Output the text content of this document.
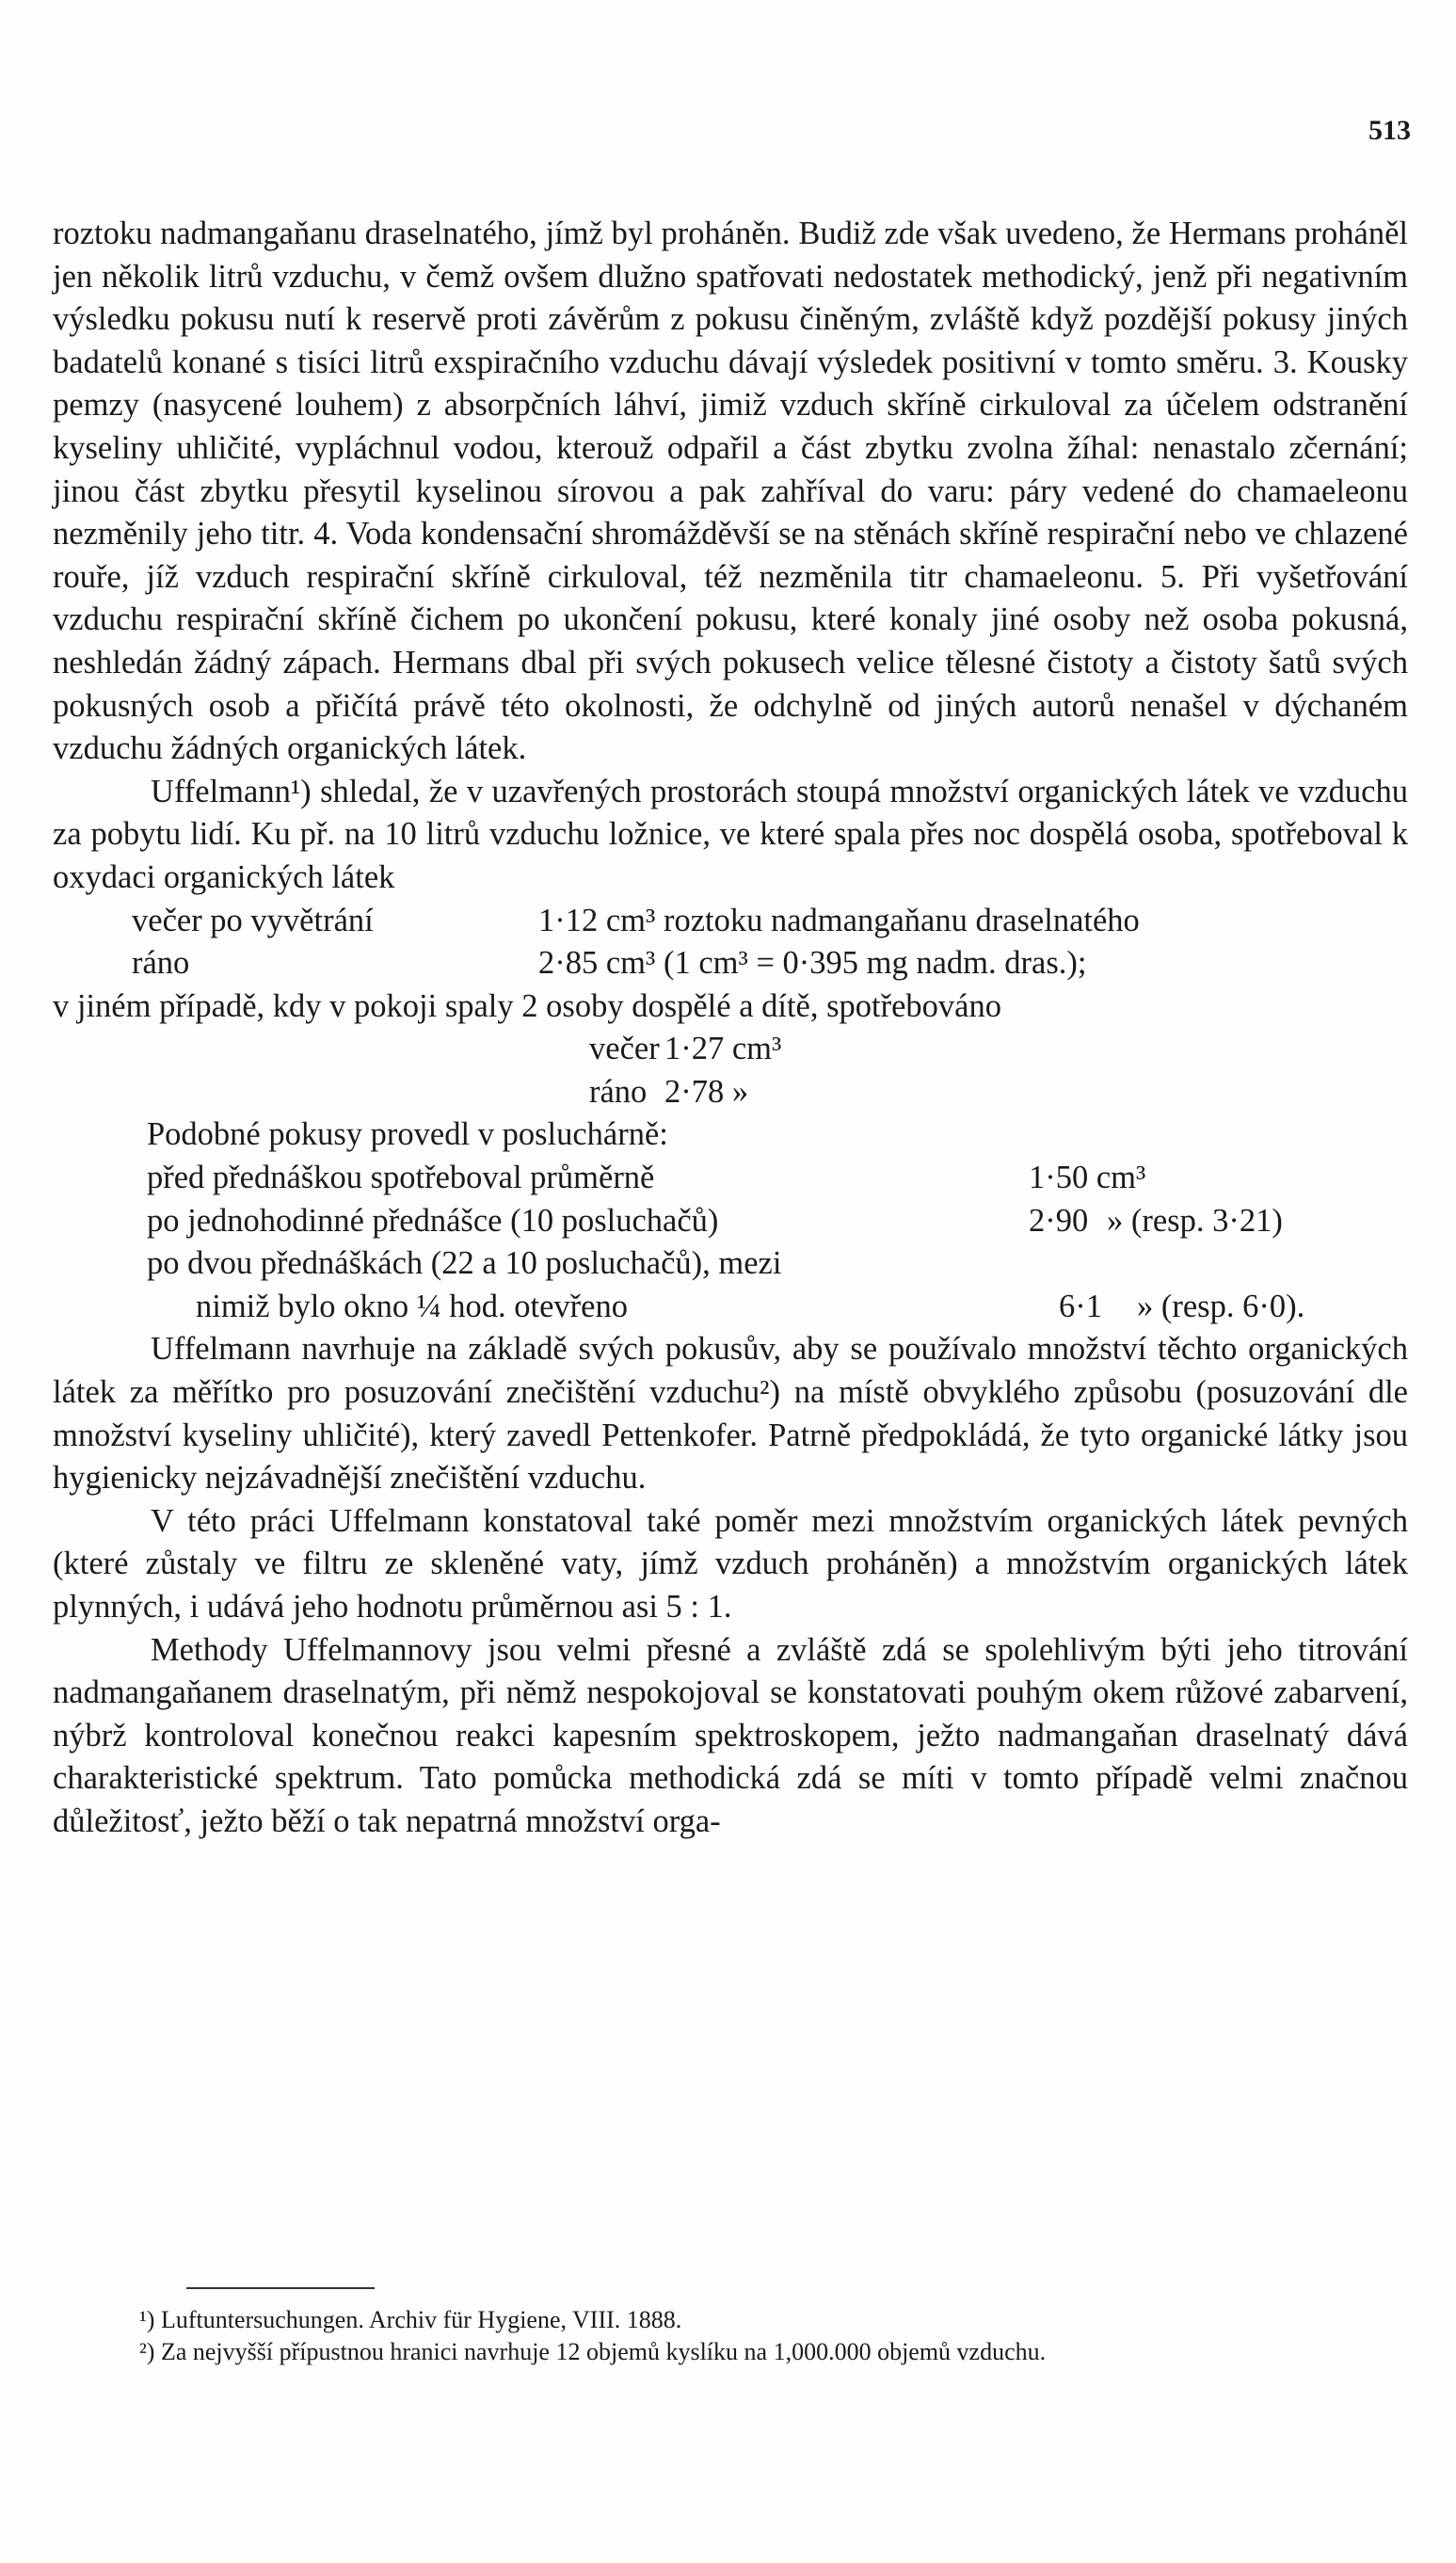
513

roztoku nadmangaňanu draselnatého, jímž byl proháněn. Budiž zde však uvedeno, že Hermans proháněl jen několik litrů vzduchu, v čemž ovšem dlužno spatřovati nedostatek methodický, jenž při negativním výsledku pokusu nutí k reservě proti závěrům z pokusu činěným, zvláště když pozdější pokusy jiných badatelů konané s tisíci litrů exspiračního vzduchu dávají výsledek positivní v tomto směru. 3. Kousky pemzy (nasycené louhem) z absorpčních láhví, jimiž vzduch skříně cirkuloval za účelem odstranění kyseliny uhličité, vypláchnul vodou, kterouž odpařil a část zbytku zvolna žíhal: nenastalo zčernání; jinou část zbytku přesytil kyselinou sírovou a pak zahříval do varu: páry vedené do chamaeleonu nezměnily jeho titr. 4. Voda kondensační shromážděvší se na stěnách skříně respirační nebo ve chlazené rouře, jíž vzduch respirační skříně cirkuloval, též nezměnila titr chamaeleonu. 5. Při vyšetřování vzduchu respirační skříně čichem po ukončení pokusu, které konaly jiné osoby než osoba pokusná, neshledán žádný zápach. Hermans dbal při svých pokusech velice tělesné čistoty a čistoty šatů svých pokusných osob a přičítá právě této okolnosti, že odchylně od jiných autorů nenašel v dýchaném vzduchu žádných organických látek.

Uffelmann¹) shledal, že v uzavřených prostorách stoupá množství organických látek ve vzduchu za pobytu lidí. Ku př. na 10 litrů vzduchu ložnice, ve které spala přes noc dospělá osoba, spotřeboval k oxydaci organických látek

večer po vyvětrání	1·12 cm³ roztoku nadmangaňanu draselnatého
ráno	2·85 cm³ (1 cm³ = 0·395 mg nadm. dras.);

v jiném případě, kdy v pokoji spaly 2 osoby dospělé a dítě, spotřebováno

večer 1·27 cm³
ráno 2·78 »
Podobné pokusy provedl v posluchárně:
před přednáškou spotřeboval průměrně	1·50 cm³
po jednohodinné přednášce (10 posluchačů)	2·90 » (resp. 3·21)
po dvou přednáškách (22 a 10 posluchačů), mezi
nimiž bylo okno ¼ hod. otevřeno	6·1	» (resp. 6·0).

Uffelmann navrhuje na základě svých pokusův, aby se používalo množství těchto organických látek za měřítko pro posuzování znečištění vzduchu²) na místě obvyklého způsobu (posuzování dle množství kyseliny uhličité), který zavedl Pettenkofer. Patrně předpokládá, že tyto organické látky jsou hygienicky nejzávadnější znečištění vzduchu.

V této práci Uffelmann konstatoval také poměr mezi množstvím organických látek pevných (které zůstaly ve filtru ze skleněné vaty, jímž vzduch proháněn) a množstvím organických látek plynných, i udává jeho hodnotu průměrnou asi 5 : 1.

Methody Uffelmannovy jsou velmi přesné a zvláště zdá se spolehlivým býti jeho titrování nadmangaňanem draselnatým, při němž nespokojoval se konstatovati pouhým okem růžové zabarvení, nýbrž kontroloval konečnou reakci kapesním spektroskopem, ježto nadmangaňan draselnatý dává charakteristické spektrum. Tato pomůcka methodická zdá se míti v tomto případě velmi značnou důležitosť, ježto běží o tak nepatrná množství orga-

¹) Luftuntersuchungen. Archiv für Hygiene, VIII. 1888.

²) Za nejvyšší přípustnou hranici navrhuje 12 objemů kyslíku na 1,000.000 objemů vzduchu.
